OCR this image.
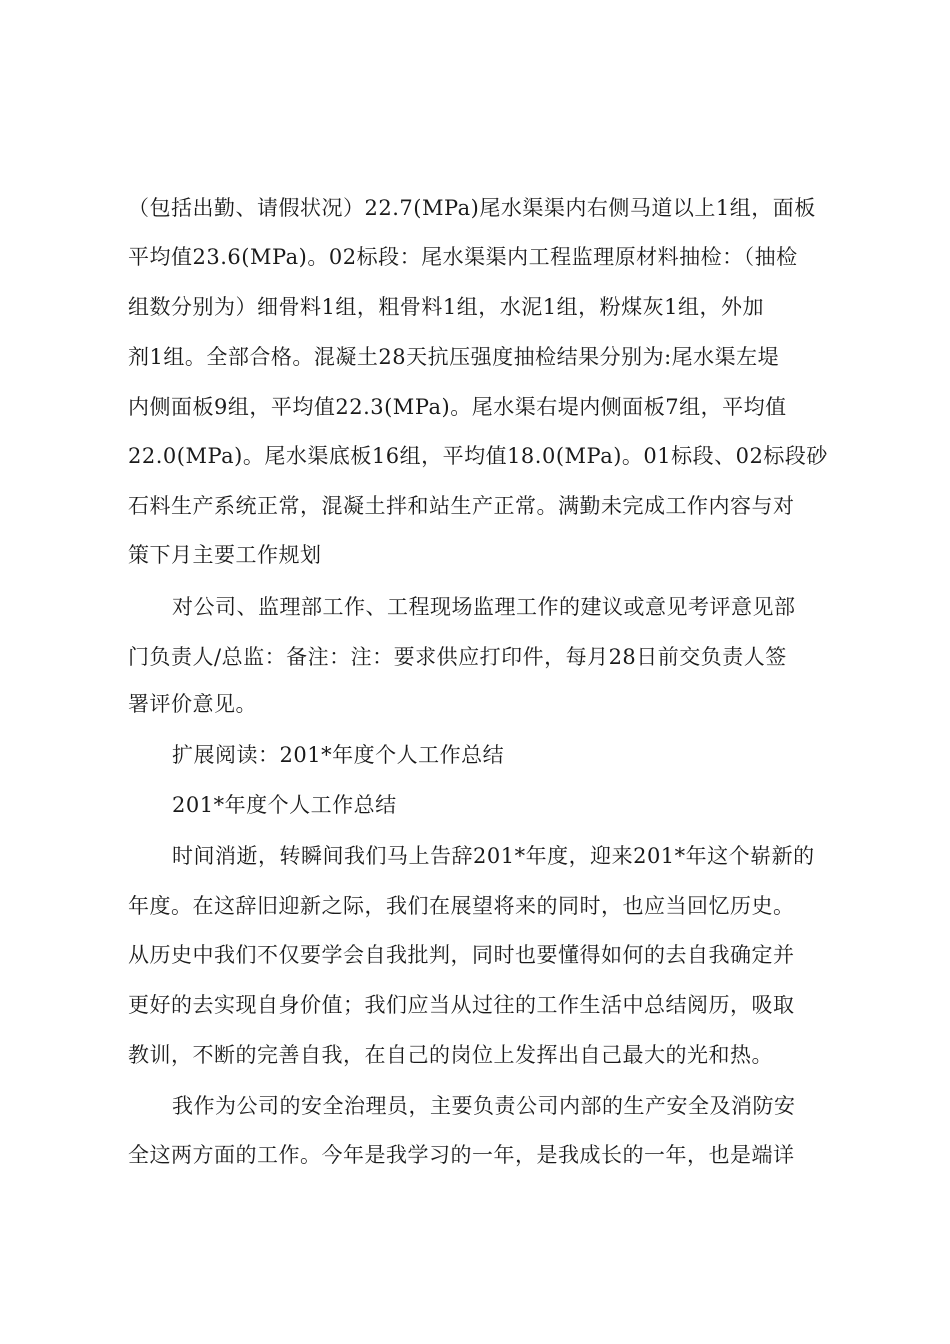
（包括出勤、请假状况）22.7(MPa)尾水渠渠内右侧马道以上1组，面板
平均值23.6(MPa)。02标段：尾水渠渠内工程监理原材料抽检：（抽检
组数分别为）细骨料1组，粗骨料1组，水泥1组，粉煤灰1组，外加
剂1组。全部合格。混凝土28天抗压强度抽检结果分别为:尾水渠左堤
内侧面板9组，平均值22.3(MPa)。尾水渠右堤内侧面板7组，平均值
22.0(MPa)。尾水渠底板16组，平均值18.0(MPa)。01标段、02标段砂
石料生产系统正常，混凝土拌和站生产正常。满勤未完成工作内容与对
策下月主要工作规划
对公司、监理部工作、工程现场监理工作的建议或意见考评意见部
门负责人/总监：备注：注：要求供应打印件，每月28日前交负责人签
署评价意见。
扩展阅读：201*年度个人工作总结
201*年度个人工作总结
时间消逝，转瞬间我们马上告辞201*年度，迎来201*年这个崭新的
年度。在这辞旧迎新之际，我们在展望将来的同时，也应当回忆历史。
从历史中我们不仅要学会自我批判，同时也要懂得如何的去自我确定并
更好的去实现自身价值；我们应当从过往的工作生活中总结阅历，吸取
教训，不断的完善自我，在自己的岗位上发挥出自己最大的光和热。
我作为公司的安全治理员，主要负责公司内部的生产安全及消防安
全这两方面的工作。今年是我学习的一年，是我成长的一年，也是端详
